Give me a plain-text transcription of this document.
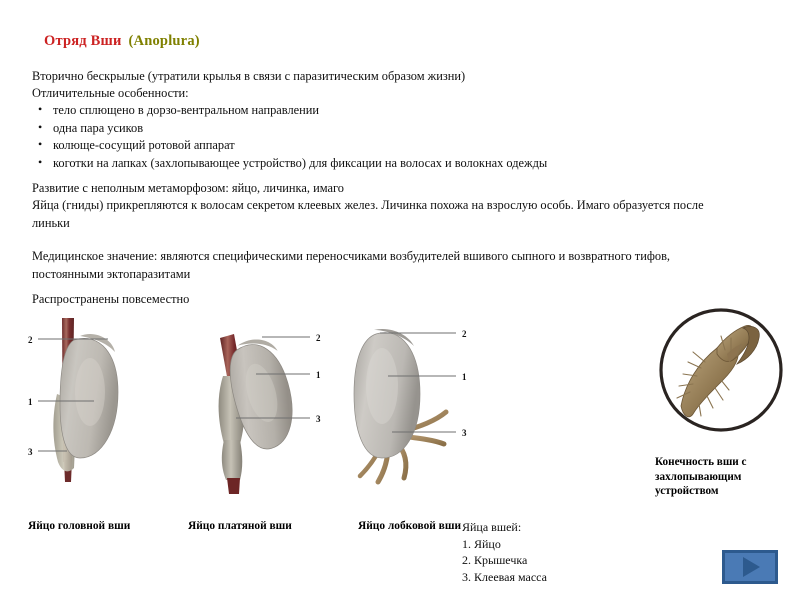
Отряд Вши (Anoplura)
Вторично бескрылые (утратили крылья в связи с паразитическим образом жизни)
Отличительные особенности:
• тело сплющено в дорзо-вентральном направлении
• одна пара усиков
• колюще-сосущий ротовой аппарат
• коготки на лапках (захлопывающее устройство) для фиксации на волосах и волокнах одежды
Развитие с неполным метаморфозом: яйцо, личинка, имаго
Яйца (гниды) прикрепляются к волосам секретом клеевых желез. Личинка похожа на взрослую особь. Имаго образуется после линьки
Медицинское значение: являются специфическими переносчиками возбудителей вшивого сыпного и возвратного тифов, постоянными эктопаразитами
Распространены повсеместно
2
1
3
Яйцо головной вши
2
1
3
Яйцо платяной вши
2
1
3
Яйцо лобковой вши
Конечность вши с захлопывающим устройством
Яйца вшей:
1. Яйцо
2. Крышечка
3. Клеевая масса
